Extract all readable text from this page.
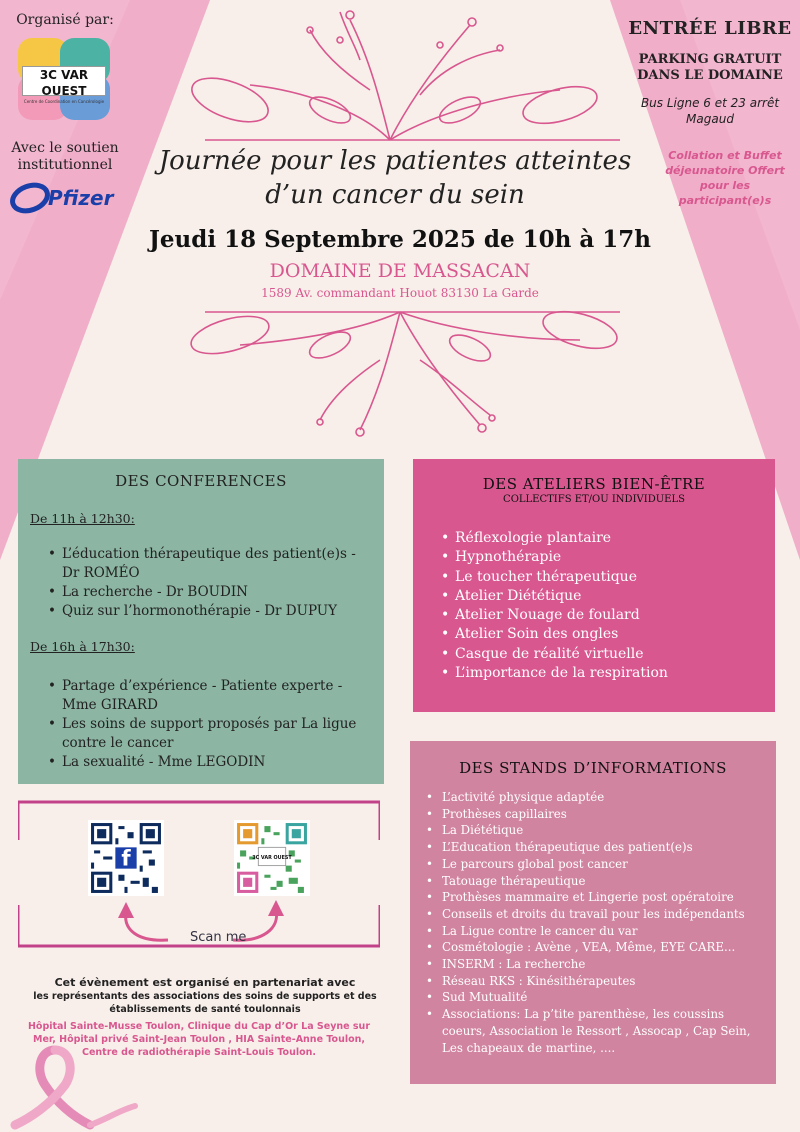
Organisé par:
3C VAR OUEST
Centre de Coordination en Cancérologie
Avec le soutien institutionnel
Pfizer
ENTRÉE LIBRE
PARKING GRATUIT DANS LE DOMAINE
Bus Ligne 6 et 23 arrêt Magaud
Collation et Buffet déjeunatoire Offert pour les participant(e)s
Journée pour les patientes atteintes d’un cancer du sein
Jeudi 18 Septembre 2025 de 10h à 17h
DOMAINE DE MASSACAN
1589 Av. commandant Houot 83130 La Garde
DES CONFERENCES
De 11h à 12h30:
• L’éducation thérapeutique des patient(e)s - Dr ROMÉO
• La recherche - Dr BOUDIN
• Quiz sur l’hormonothérapie - Dr DUPUY
De 16h à 17h30:
• Partage d’expérience - Patiente experte - Mme GIRARD
• Les soins de support proposés par La ligue contre le cancer
• La sexualité - Mme LEGODIN
DES ATELIERS BIEN-ÊTRE
COLLECTIFS ET/OU INDIVIDUELS
• Réflexologie plantaire
• Hypnothérapie
• Le toucher thérapeutique
• Atelier Diététique
• Atelier Nouage de foulard
• Atelier Soin des ongles
• Casque de réalité virtuelle
• L’importance de la respiration
DES STANDS D’INFORMATIONS
• L’activité physique adaptée
• Prothèses capillaires
• La Diététique
• L’Education thérapeutique des patient(e)s
• Le parcours global post cancer
• Tatouage thérapeutique
• Prothèses mammaire et Lingerie post opératoire
• Conseils et droits du travail pour les indépendants
• La Ligue contre le cancer du var
• Cosmétologie : Avène , VEA, Même, EYE CARE...
• INSERM : La recherche
• Réseau RKS : Kinésithérapeutes
• Sud Mutualité
• Associations: La p’tite parenthèse, les coussins coeurs, Association le Ressort , Assocap , Cap Sein, Les chapeaux de martine, ....
f	3C VAR OUEST
Scan me
Cet évènement est organisé en partenariat avec
les représentants des associations des soins de supports et des établissements de santé toulonnais
Hôpital Sainte-Musse Toulon, Clinique du Cap d’Or La Seyne sur Mer, Hôpital privé Saint-Jean Toulon , HIA Sainte-Anne Toulon, Centre de radiothérapie Saint-Louis Toulon.
